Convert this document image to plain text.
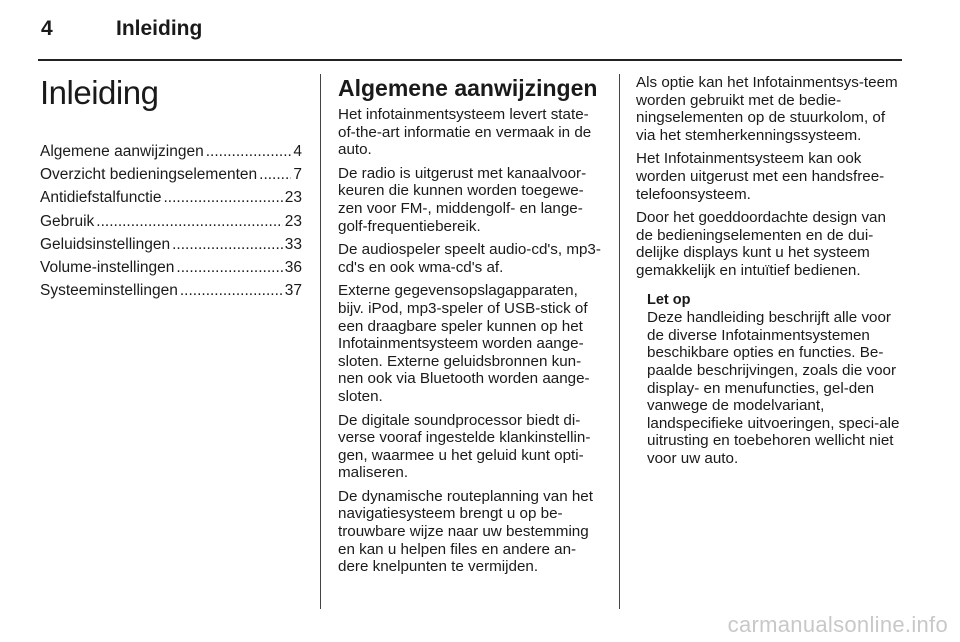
4	Inleiding
Inleiding
Algemene aanwijzingen .....	4
Overzicht bedieningselementen ..... 7
Antidiefstalfunctie .....	23
Gebruik .....	23
Geluidsinstellingen .....	33
Volume-instellingen .....	36
Systeeminstellingen .....	37
Algemene aanwijzingen

Het infotainmentsysteem levert state-of-the-art informatie en vermaak in de auto.

De radio is uitgerust met kanaalvoor-keuren die kunnen worden toegewe-zen voor FM-, middengolf- en lange-golf-frequentiebereik.

De audiospeler speelt audio-cd's, mp3-cd's en ook wma-cd's af.

Externe gegevensopslagapparaten, bijv. iPod, mp3-speler of USB-stick of een draagbare speler kunnen op het Infotainmentsysteem worden aange-sloten. Externe geluidsbronnen kun-nen ook via Bluetooth worden aange-sloten.

De digitale soundprocessor biedt di-verse vooraf ingestelde klankinstellin-gen, waarmee u het geluid kunt opti-maliseren.

De dynamische routeplanning van het navigatiesysteem brengt u op be-trouwbare wijze naar uw bestemming en kan u helpen files en andere an-dere knelpunten te vermijden.

Als optie kan het Infotainmentsys-teem worden gebruikt met de bedie-ningselementen op de stuurkolom, of via het stemherkenningssysteem.

Het Infotainmentsysteem kan ook worden uitgerust met een handsfree-telefoonsysteem.

Door het goeddoordachte design van de bedieningselementen en de dui-delijke displays kunt u het systeem gemakkelijk en intuïtief bedienen.

Let op

Deze handleiding beschrijft alle voor de diverse Infotainmentsystemen beschikbare opties en functies. Be-paalde beschrijvingen, zoals die voor display- en menufuncties, gel-den vanwege de modelvariant, landspecifieke uitvoeringen, speci-ale uitrusting en toebehoren wellicht niet voor uw auto.

carmanualsonline.info
